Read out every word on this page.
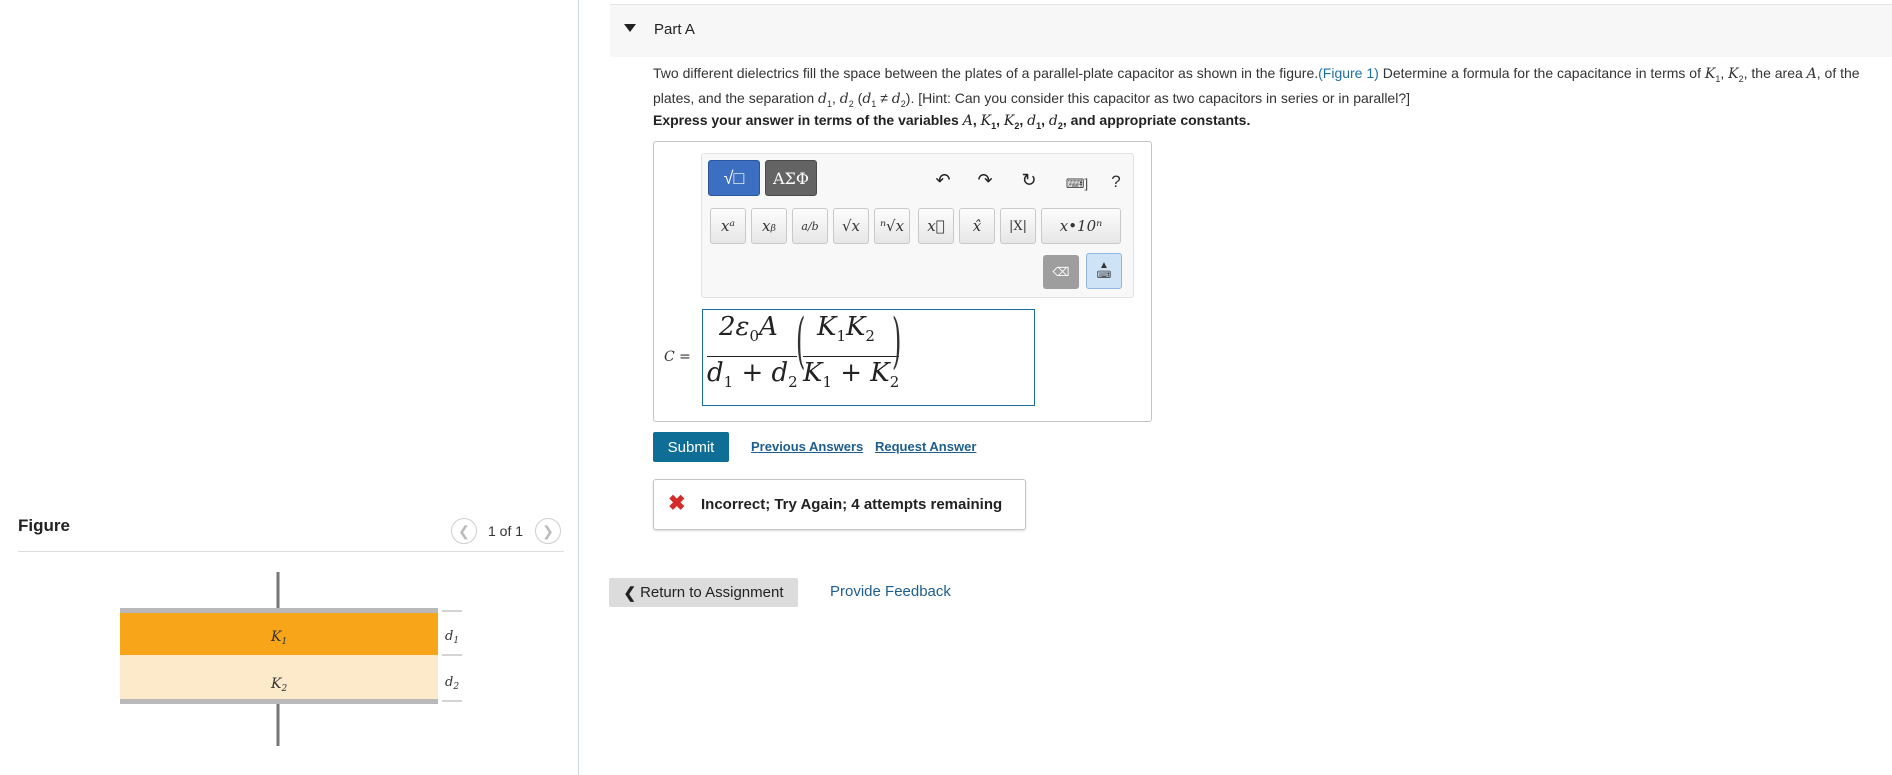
Figure	❮	1 of 1	❯
$K_1$
$K_2$
$d_1$
$d_2$
Part A
Two different dielectrics fill the space between the plates of a parallel-plate capacitor as shown in the figure.(Figure 1) Determine a formula for the capacitance in terms of $K_1$, $K_2$, the area A, of the plates, and the separation $d_1$, $d_2$ $(d_1 \ne d_2)$. [Hint: Can you consider this capacitor as two capacitors in series or in parallel?]
Express your answer in terms of the variables A, $K_1$, $K_2$, $d_1$, $d_2$, and appropriate constants.
√□	ΑΣΦ	↶	↷	↻	⌨]	?
xᵃ	xᵦ	a/b	√x	ⁿ√x	x⃗	x̂	|X|	x•10ⁿ
⌫	▲
⌨
C =
$2\varepsilon_0A$
$d_1 + d_2$
( $K_1K_2$
$K_1 + K_2$
)
Submit	Previous Answers Request Answer
✖ Incorrect; Try Again; 4 attempts remaining
❮ Return to Assignment	Provide Feedback
